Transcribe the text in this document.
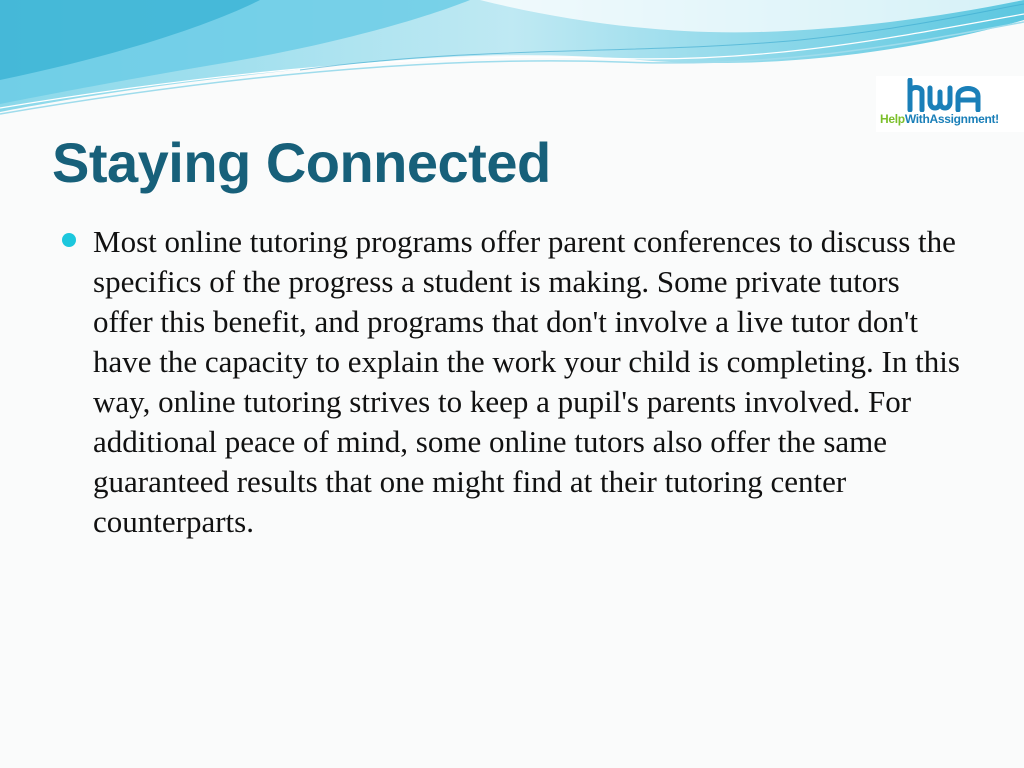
HelpWithAssignment!
Staying Connected
Most online tutoring programs offer parent conferences to discuss the specifics of the progress a student is making. Some private tutors offer this benefit, and programs that don't involve a live tutor don't have the capacity to explain the work your child is completing. In this way, online tutoring strives to keep a pupil's parents involved. For additional peace of mind, some online tutors also offer the same guaranteed results that one might find at their tutoring center counterparts.
